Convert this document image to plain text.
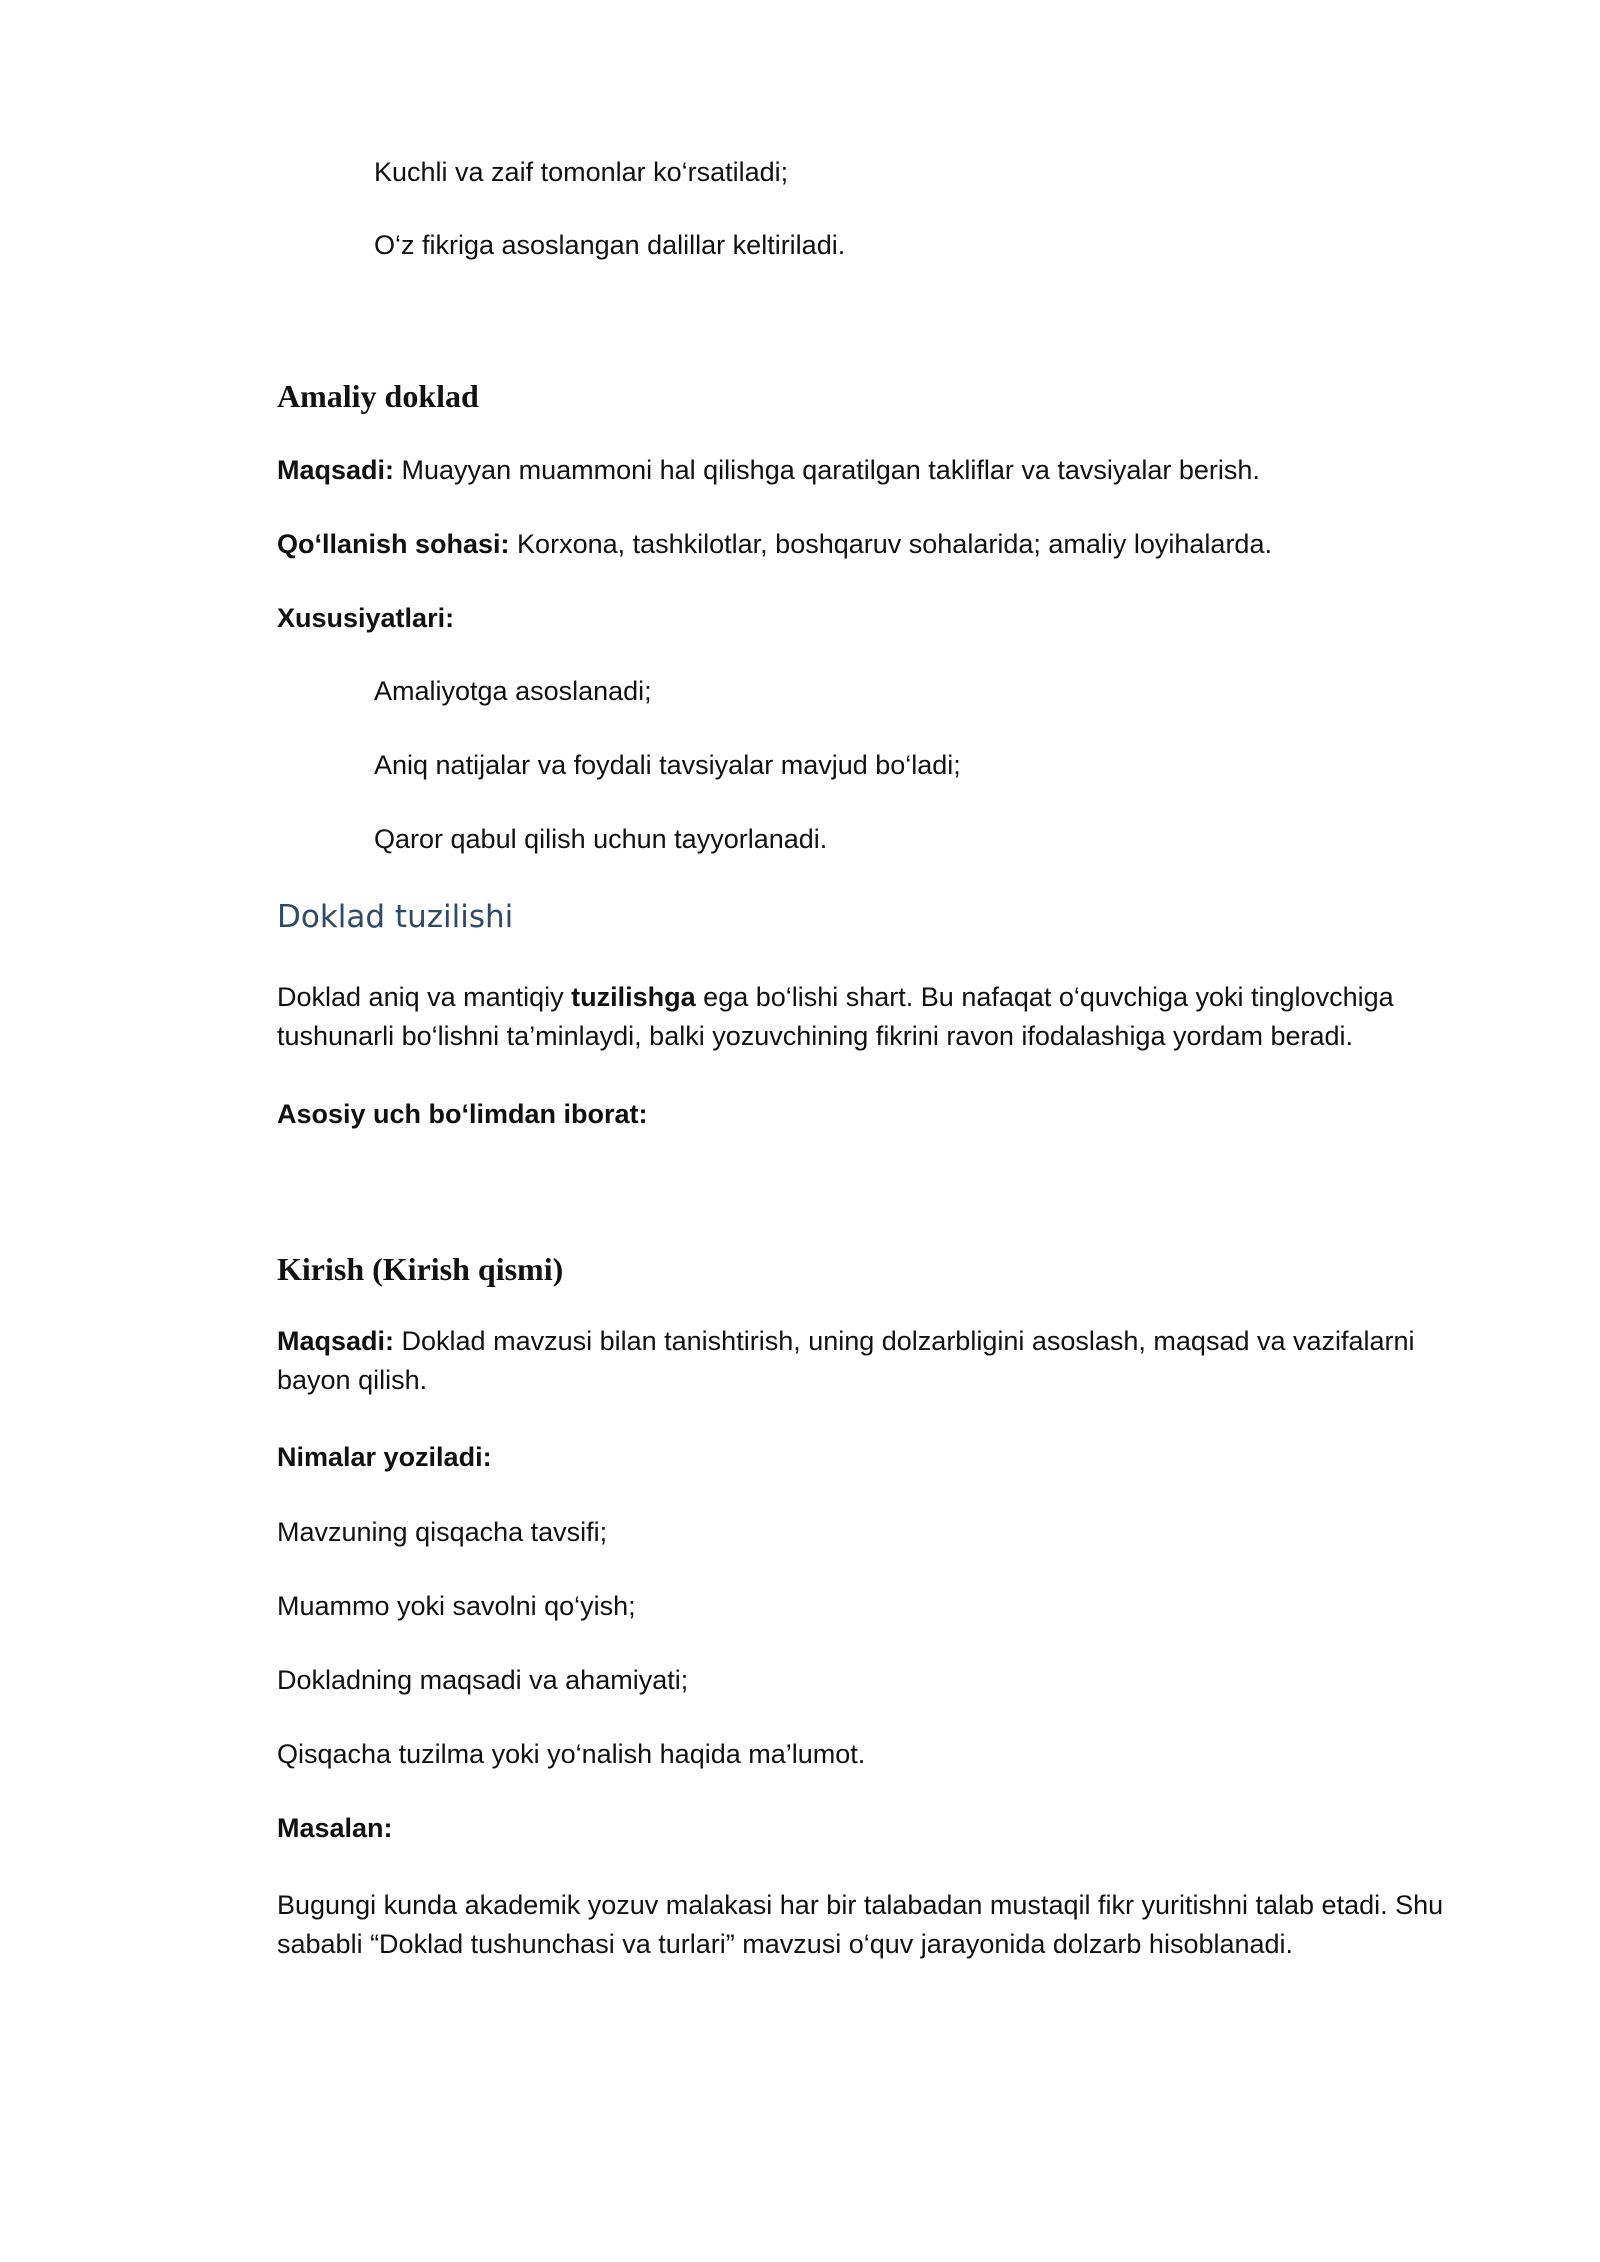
Kuchli va zaif tomonlar ko‘rsatiladi;
O‘z fikriga asoslangan dalillar keltiriladi.
Amaliy doklad
Maqsadi: Muayyan muammoni hal qilishga qaratilgan takliflar va tavsiyalar berish.
Qo‘llanish sohasi: Korxona, tashkilotlar, boshqaruv sohalarida; amaliy loyihalarda.
Xususiyatlari:
Amaliyotga asoslanadi;
Aniq natijalar va foydali tavsiyalar mavjud bo‘ladi;
Qaror qabul qilish uchun tayyorlanadi.
Doklad tuzilishi
Doklad aniq va mantiqiy tuzilishga ega bo‘lishi shart. Bu nafaqat o‘quvchiga yoki tinglovchiga tushunarli bo‘lishni ta’minlaydi, balki yozuvchining fikrini ravon ifodalashiga yordam beradi.
Asosiy uch bo‘limdan iborat:
Kirish (Kirish qismi)
Maqsadi: Doklad mavzusi bilan tanishtirish, uning dolzarbligini asoslash, maqsad va vazifalarni bayon qilish.
Nimalar yoziladi:
Mavzuning qisqacha tavsifi;
Muammo yoki savolni qo‘yish;
Dokladning maqsadi va ahamiyati;
Qisqacha tuzilma yoki yo‘nalish haqida ma’lumot.
Masalan:
Bugungi kunda akademik yozuv malakasi har bir talabadan mustaqil fikr yuritishni talab etadi. Shu sababli “Doklad tushunchasi va turlari” mavzusi o‘quv jarayonida dolzarb hisoblanadi.
